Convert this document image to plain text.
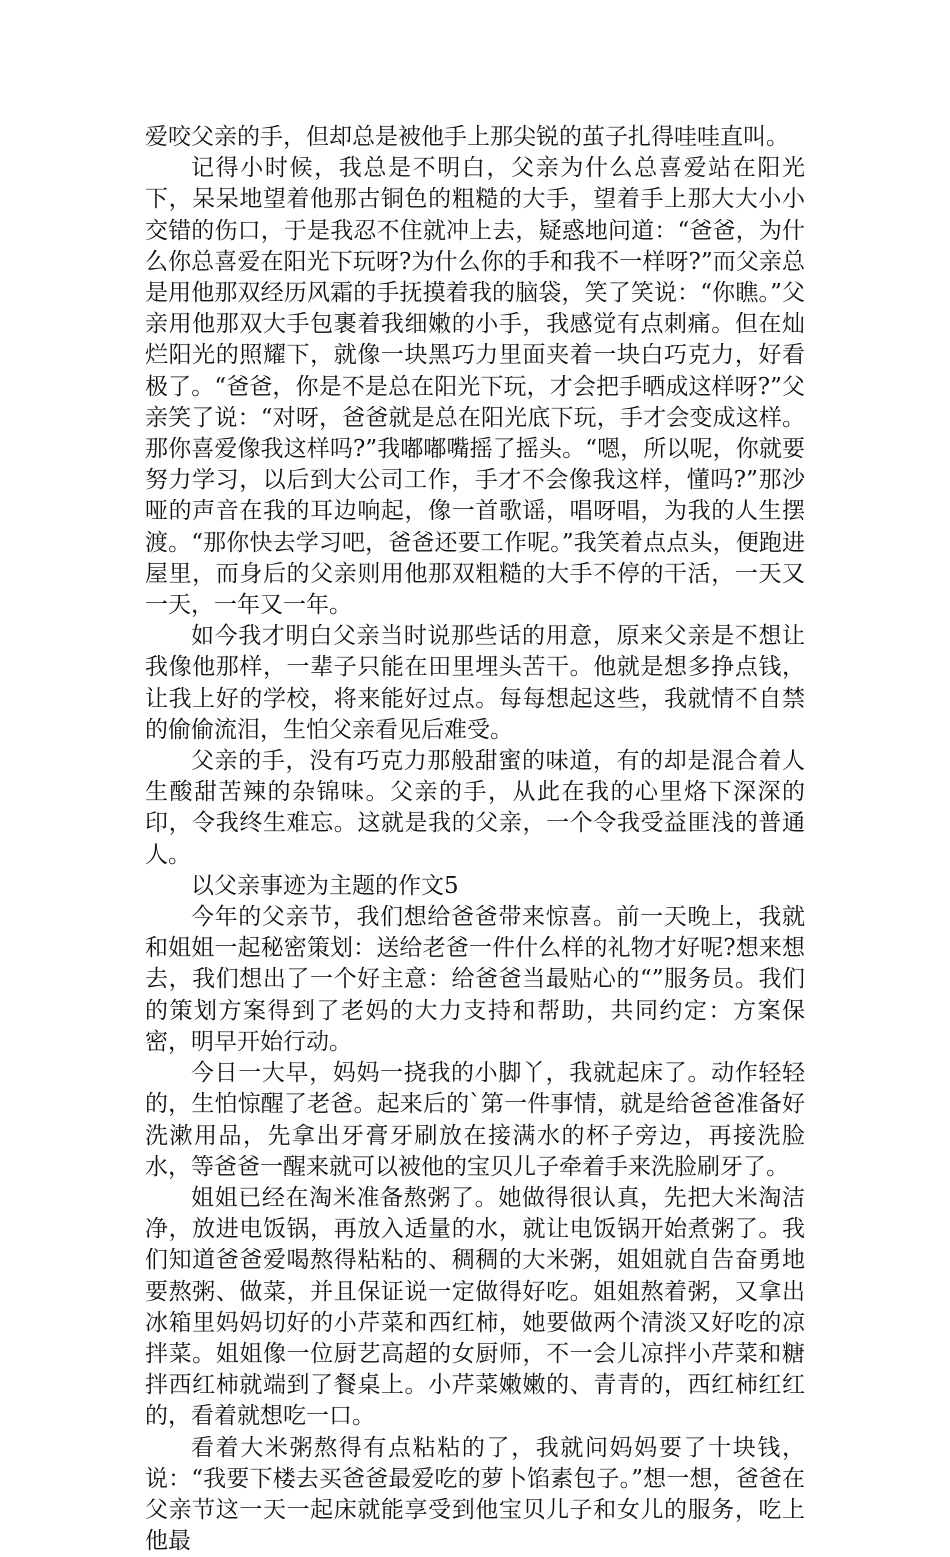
爱咬父亲的手，但却总是被他手上那尖锐的茧子扎得哇哇直叫。

记得小时候，我总是不明白，父亲为什么总喜爱站在阳光下，呆呆地望着他那古铜色的粗糙的大手，望着手上那大大小小交错的伤口，于是我忍不住就冲上去，疑惑地问道：“爸爸，为什么你总喜爱在阳光下玩呀?为什么你的手和我不一样呀?”而父亲总是用他那双经历风霜的手抚摸着我的脑袋，笑了笑说：“你瞧。”父亲用他那双大手包裹着我细嫩的小手，我感觉有点刺痛。但在灿烂阳光的照耀下，就像一块黑巧力里面夹着一块白巧克力，好看极了。“爸爸，你是不是总在阳光下玩，才会把手晒成这样呀?”父亲笑了说：“对呀，爸爸就是总在阳光底下玩，手才会变成这样。那你喜爱像我这样吗?”我嘟嘟嘴摇了摇头。“嗯，所以呢，你就要努力学习，以后到大公司工作，手才不会像我这样，懂吗?”那沙哑的声音在我的耳边响起，像一首歌谣，唱呀唱，为我的人生摆渡。“那你快去学习吧，爸爸还要工作呢。”我笑着点点头，便跑进屋里，而身后的父亲则用他那双粗糙的大手不停的干活，一天又一天，一年又一年。

如今我才明白父亲当时说那些话的用意，原来父亲是不想让我像他那样，一辈子只能在田里埋头苦干。他就是想多挣点钱，让我上好的学校，将来能好过点。每每想起这些，我就情不自禁的偷偷流泪，生怕父亲看见后难受。

父亲的手，没有巧克力那般甜蜜的味道，有的却是混合着人生酸甜苦辣的杂锦味。父亲的手，从此在我的心里烙下深深的印，令我终生难忘。这就是我的父亲，一个令我受益匪浅的普通人。

以父亲事迹为主题的作文5

今年的父亲节，我们想给爸爸带来惊喜。前一天晚上，我就和姐姐一起秘密策划：送给老爸一件什么样的礼物才好呢?想来想去，我们想出了一个好主意：给爸爸当最贴心的“”服务员。我们的策划方案得到了老妈的大力支持和帮助，共同约定：方案保密，明早开始行动。

今日一大早，妈妈一挠我的小脚丫，我就起床了。动作轻轻的，生怕惊醒了老爸。起来后的`第一件事情，就是给爸爸准备好洗漱用品，先拿出牙膏牙刷放在接满水的杯子旁边，再接洗脸水，等爸爸一醒来就可以被他的宝贝儿子牵着手来洗脸刷牙了。

姐姐已经在淘米准备熬粥了。她做得很认真，先把大米淘洁净，放进电饭锅，再放入适量的水，就让电饭锅开始煮粥了。我们知道爸爸爱喝熬得粘粘的、稠稠的大米粥，姐姐就自告奋勇地要熬粥、做菜，并且保证说一定做得好吃。姐姐熬着粥，又拿出冰箱里妈妈切好的小芹菜和西红柿，她要做两个清淡又好吃的凉拌菜。姐姐像一位厨艺高超的女厨师，不一会儿凉拌小芹菜和糖拌西红柿就端到了餐桌上。小芹菜嫩嫩的、青青的，西红柿红红的，看着就想吃一口。

看着大米粥熬得有点粘粘的了，我就问妈妈要了十块钱，说：“我要下楼去买爸爸最爱吃的萝卜馅素包子。”想一想，爸爸在父亲节这一天一起床就能享受到他宝贝儿子和女儿的服务，吃上他最
